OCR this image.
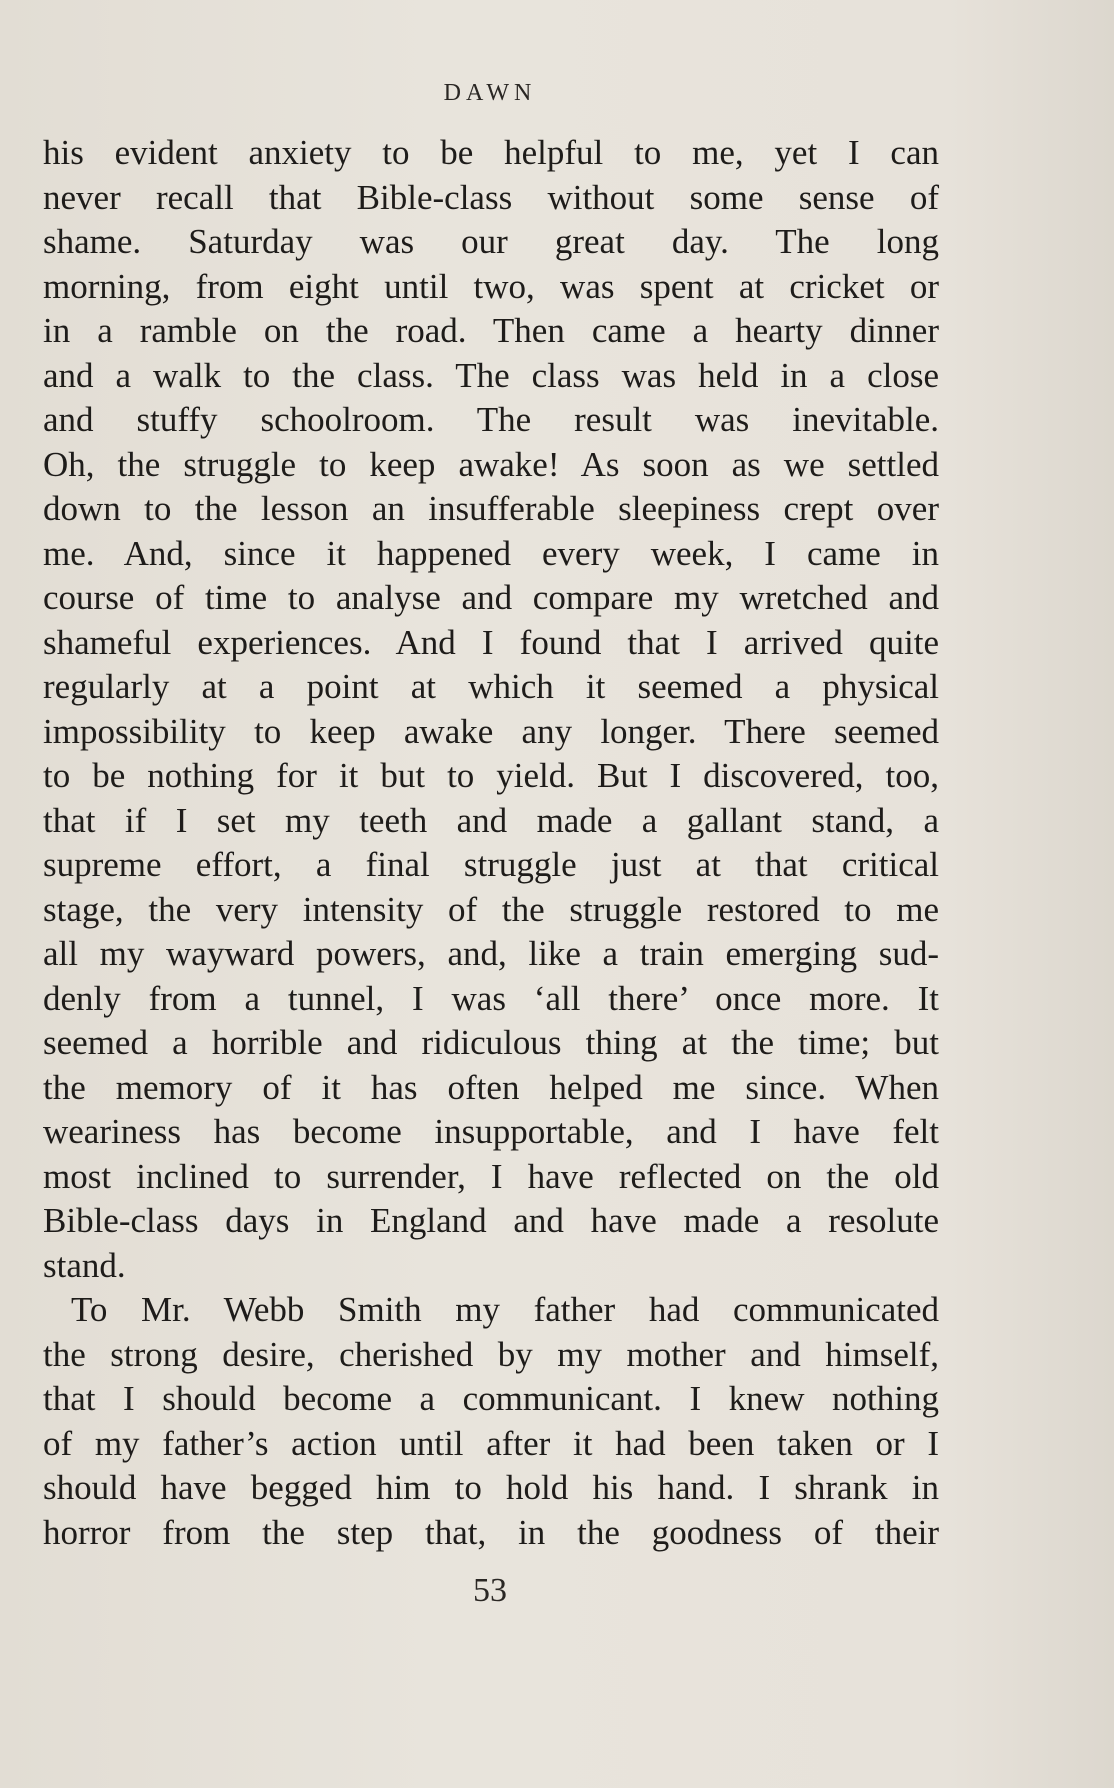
DAWN
his evident anxiety to be helpful to me, yet I can
never recall that Bible-class without some sense of
shame. Saturday was our great day. The long
morning, from eight until two, was spent at cricket or
in a ramble on the road. Then came a hearty dinner
and a walk to the class. The class was held in a close
and stuffy schoolroom. The result was inevitable.
Oh, the struggle to keep awake! As soon as we settled
down to the lesson an insufferable sleepiness crept over
me. And, since it happened every week, I came in
course of time to analyse and compare my wretched and
shameful experiences. And I found that I arrived quite
regularly at a point at which it seemed a physical
impossibility to keep awake any longer. There seemed
to be nothing for it but to yield. But I discovered, too,
that if I set my teeth and made a gallant stand, a
supreme effort, a final struggle just at that critical
stage, the very intensity of the struggle restored to me
all my wayward powers, and, like a train emerging sud-
denly from a tunnel, I was ‘all there’ once more. It
seemed a horrible and ridiculous thing at the time; but
the memory of it has often helped me since. When
weariness has become insupportable, and I have felt
most inclined to surrender, I have reflected on the old
Bible-class days in England and have made a resolute
stand.
To Mr. Webb Smith my father had communicated
the strong desire, cherished by my mother and himself,
that I should become a communicant. I knew nothing
of my father’s action until after it had been taken or I
should have begged him to hold his hand. I shrank in
horror from the step that, in the goodness of their
53
